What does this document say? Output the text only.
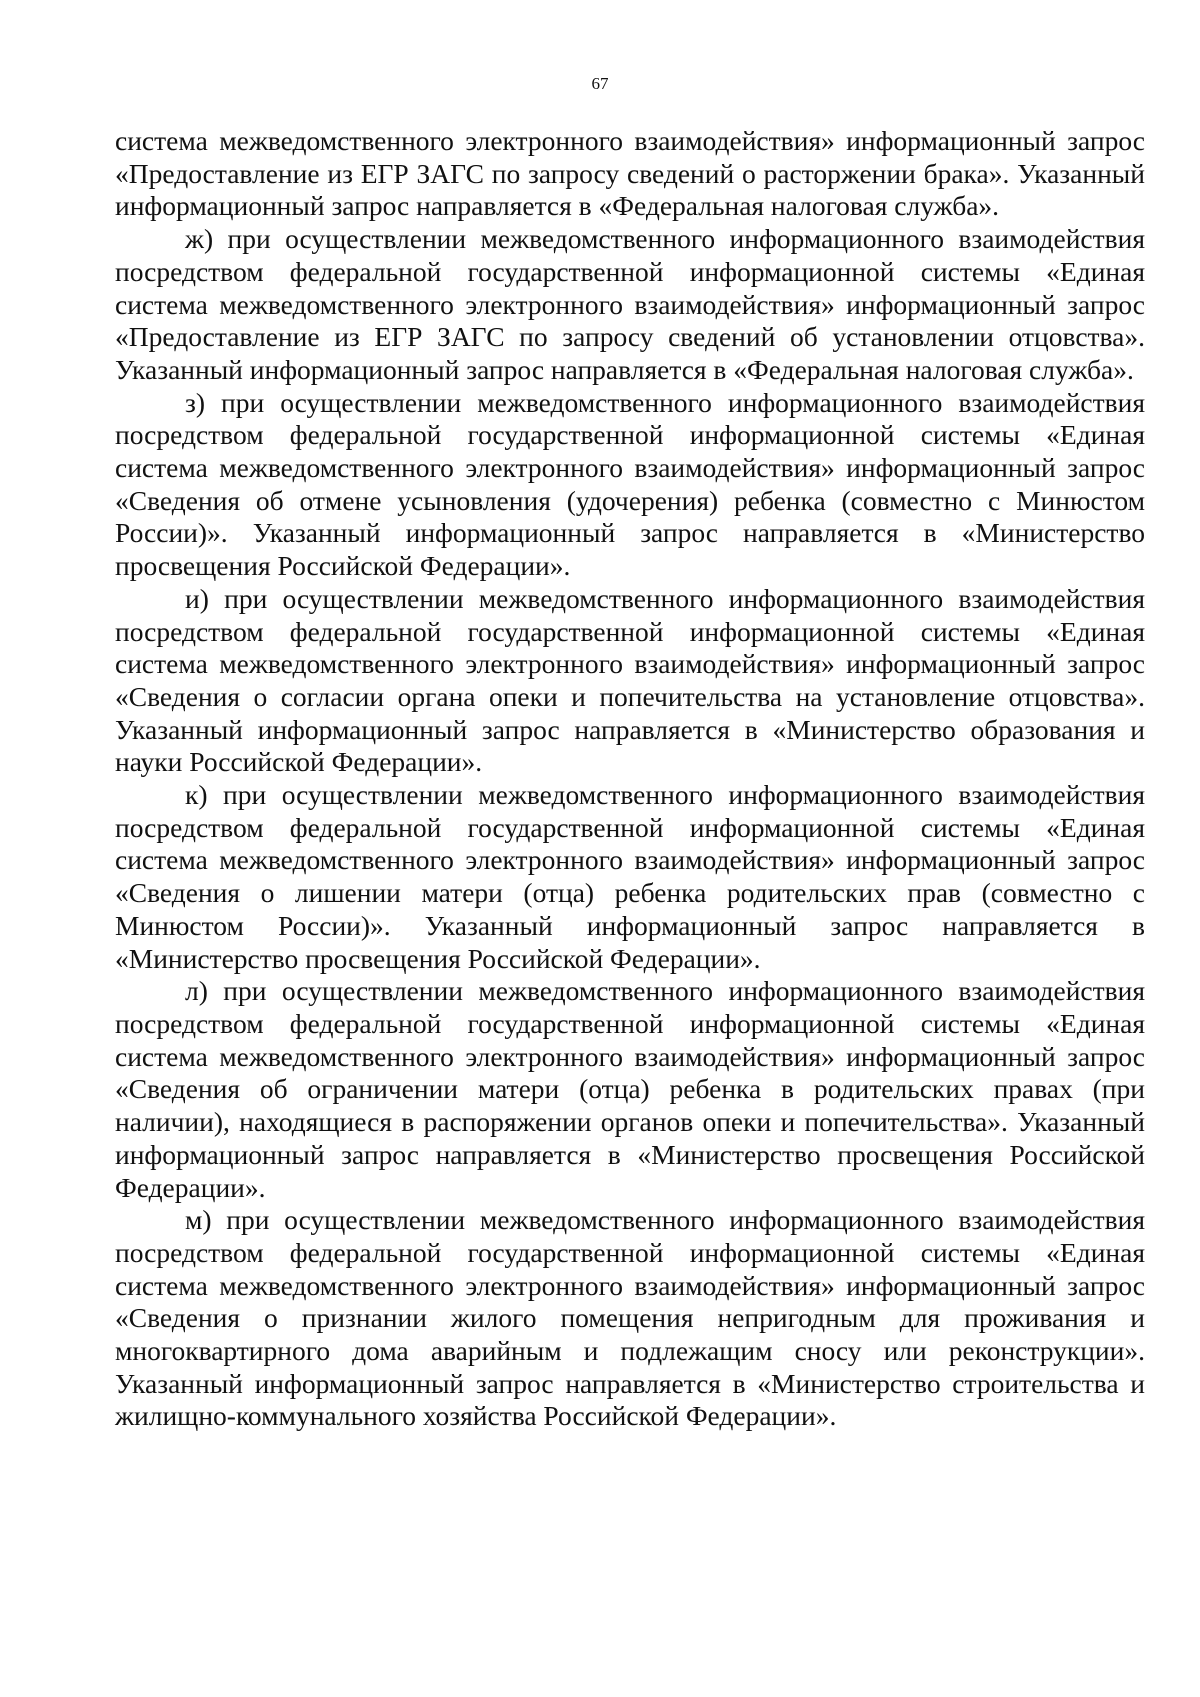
67

система межведомственного электронного взаимодействия» информационный запрос «Предоставление из ЕГР ЗАГС по запросу сведений о расторжении брака». Указанный информационный запрос направляется в «Федеральная налоговая служба».

ж) при осуществлении межведомственного информационного взаимодействия посредством федеральной государственной информационной системы «Единая система межведомственного электронного взаимодействия» информационный запрос «Предоставление из ЕГР ЗАГС по запросу сведений об установлении отцовства». Указанный информационный запрос направляется в «Федеральная налоговая служба».

з) при осуществлении межведомственного информационного взаимодействия посредством федеральной государственной информационной системы «Единая система межведомственного электронного взаимодействия» информационный запрос «Сведения об отмене усыновления (удочерения) ребенка (совместно с Минюстом России)». Указанный информационный запрос направляется в «Министерство просвещения Российской Федерации».

и) при осуществлении межведомственного информационного взаимодействия посредством федеральной государственной информационной системы «Единая система межведомственного электронного взаимодействия» информационный запрос «Сведения о согласии органа опеки и попечительства на установление отцовства». Указанный информационный запрос направляется в «Министерство образования и науки Российской Федерации».

к) при осуществлении межведомственного информационного взаимодействия посредством федеральной государственной информационной системы «Единая система межведомственного электронного взаимодействия» информационный запрос «Сведения о лишении матери (отца) ребенка родительских прав (совместно с Минюстом России)». Указанный информационный запрос направляется в «Министерство просвещения Российской Федерации».

л) при осуществлении межведомственного информационного взаимодействия посредством федеральной государственной информационной системы «Единая система межведомственного электронного взаимодействия» информационный запрос «Сведения об ограничении матери (отца) ребенка в родительских правах (при наличии), находящиеся в распоряжении органов опеки и попечительства». Указанный информационный запрос направляется в «Министерство просвещения Российской Федерации».

м) при осуществлении межведомственного информационного взаимодействия посредством федеральной государственной информационной системы «Единая система межведомственного электронного взаимодействия» информационный запрос «Сведения о признании жилого помещения непригодным для проживания и многоквартирного дома аварийным и подлежащим сносу или реконструкции». Указанный информационный запрос направляется в «Министерство строительства и жилищно-коммунального хозяйства Российской Федерации».
